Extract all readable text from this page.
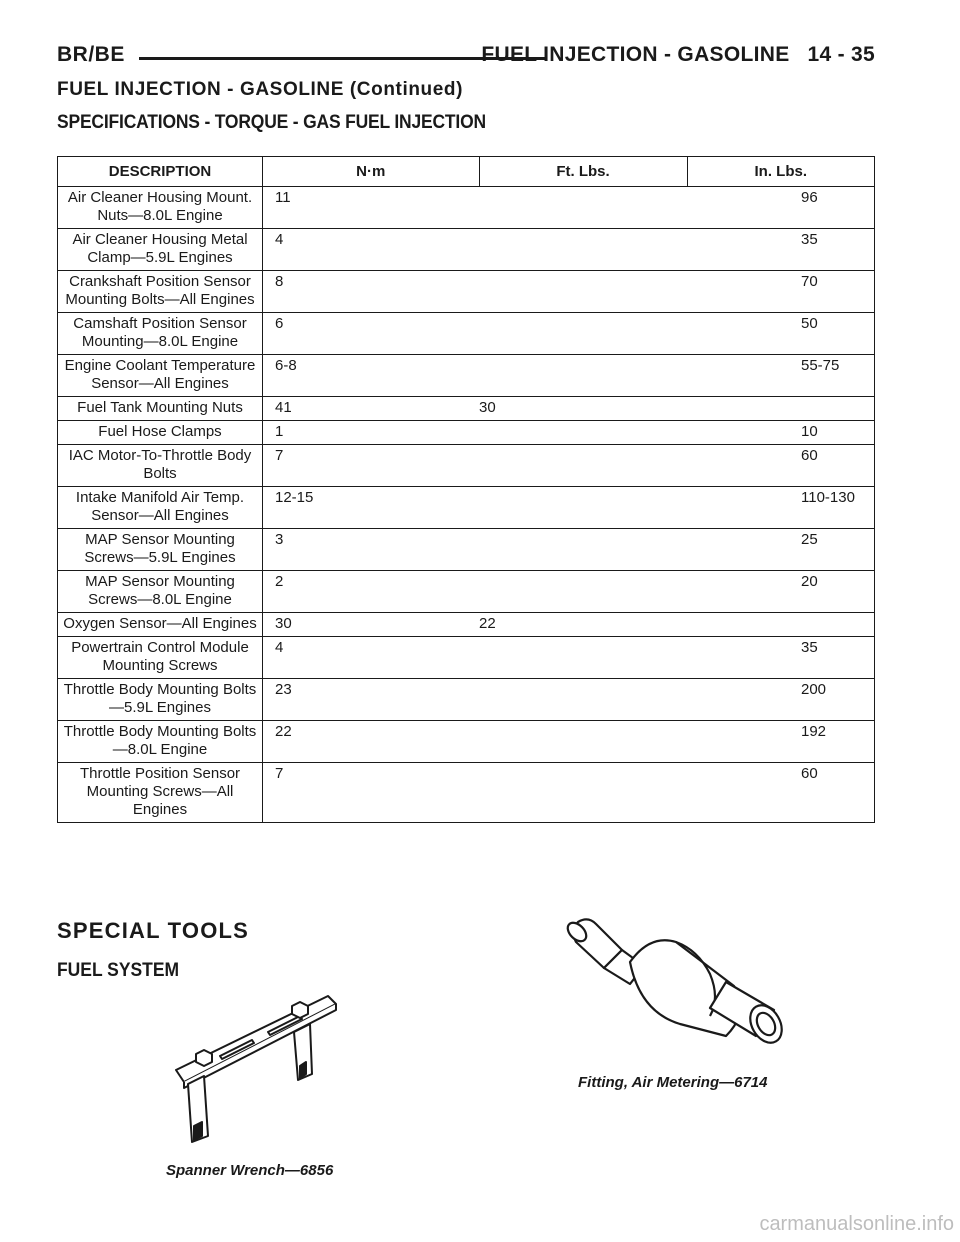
BR/BE	FUEL INJECTION - GASOLINE 14 - 35
FUEL INJECTION - GASOLINE (Continued)
SPECIFICATIONS - TORQUE - GAS FUEL INJECTION
DESCRIPTION	N·m	Ft. Lbs.	In. Lbs.
Air Cleaner Housing Mount. Nuts—8.0L Engine	11		96
Air Cleaner Housing Metal Clamp—5.9L Engines	4		35
Crankshaft Position Sensor Mounting Bolts—All Engines	8		70
Camshaft Position Sensor Mounting—8.0L Engine	6		50
Engine Coolant Temperature Sensor—All Engines	6-8		55-75
Fuel Tank Mounting Nuts	41	30	
Fuel Hose Clamps	1		10
IAC Motor-To-Throttle Body Bolts	7		60
Intake Manifold Air Temp. Sensor—All Engines	12-15		110-130
MAP Sensor Mounting Screws—5.9L Engines	3		25
MAP Sensor Mounting Screws—8.0L Engine	2		20
Oxygen Sensor—All Engines	30	22	
Powertrain Control Module Mounting Screws	4		35
Throttle Body Mounting Bolts—5.9L Engines	23		200
Throttle Body Mounting Bolts—8.0L Engine	22		192
Throttle Position Sensor Mounting Screws—All Engines	7		60
SPECIAL TOOLS
FUEL SYSTEM
Fitting, Air Metering—6714
Spanner Wrench—6856
carmanualsonline.info
